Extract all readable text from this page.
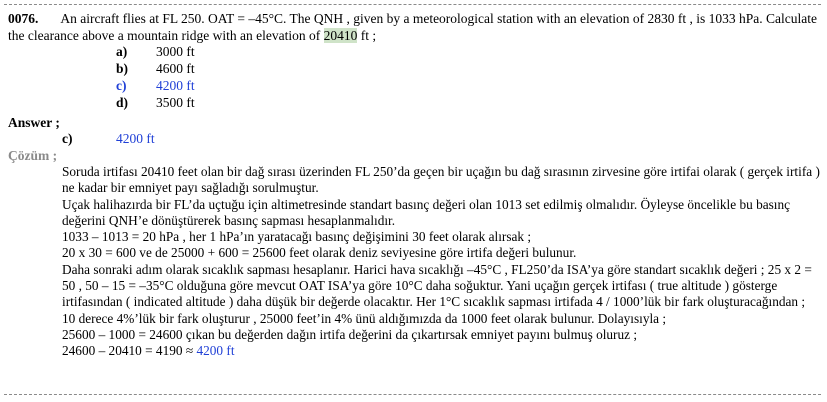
0076. An aircraft flies at FL 250. OAT = –45°C. The QNH , given by a meteorological station with an elevation of 2830 ft , is 1033 hPa. Calculate the clearance above a mountain ridge with an elevation of 20410 ft ;
a) 3000 ft
b) 4600 ft
c) 4200 ft
d) 3500 ft
Answer ;
c)	4200 ft
Çözüm ;
Soruda irtifası 20410 feet olan bir dağ sırası üzerinden FL 250’da geçen bir uçağın bu dağ sırasının zirvesine göre irtifai olarak ( gerçek irtifa ) ne kadar bir emniyet payı sağladığı sorulmuştur.
Uçak halihazırda bir FL’da uçtuğu için altimetresinde standart basınç değeri olan 1013 set edilmiş olmalıdır. Öyleyse öncelikle bu basınç değerini QNH’e dönüştürerek basınç sapması hesaplanmalıdır.
1033 – 1013 = 20 hPa , her 1 hPa’ın yaratacağı basınç değişimini 30 feet olarak alırsak ;
20 x 30 = 600 ve de 25000 + 600 = 25600 feet olarak deniz seviyesine göre irtifa değeri bulunur.
Daha sonraki adım olarak sıcaklık sapması hesaplanır. Harici hava sıcaklığı –45°C , FL250’da ISA’ya göre standart sıcaklık değeri ; 25 x 2 = 50 , 50 – 15 = –35°C olduğuna göre mevcut OAT ISA’ya göre 10°C daha soğuktur. Yani uçağın gerçek irtifası ( true altitude ) gösterge irtifasından ( indicated altitude ) daha düşük bir değerde olacaktır. Her 1°C sıcaklık sapması irtifada 4 / 1000’lük bir fark oluşturacağından ;
10 derece 4%’lük bir fark oluşturur , 25000 feet’in 4% ünü aldığımızda da 1000 feet olarak bulunur. Dolayısıyla ;
25600 – 1000 = 24600 çıkan bu değerden dağın irtifa değerini da çıkartırsak emniyet payını bulmuş oluruz ;
24600 – 20410 = 4190 ≈ 4200 ft
